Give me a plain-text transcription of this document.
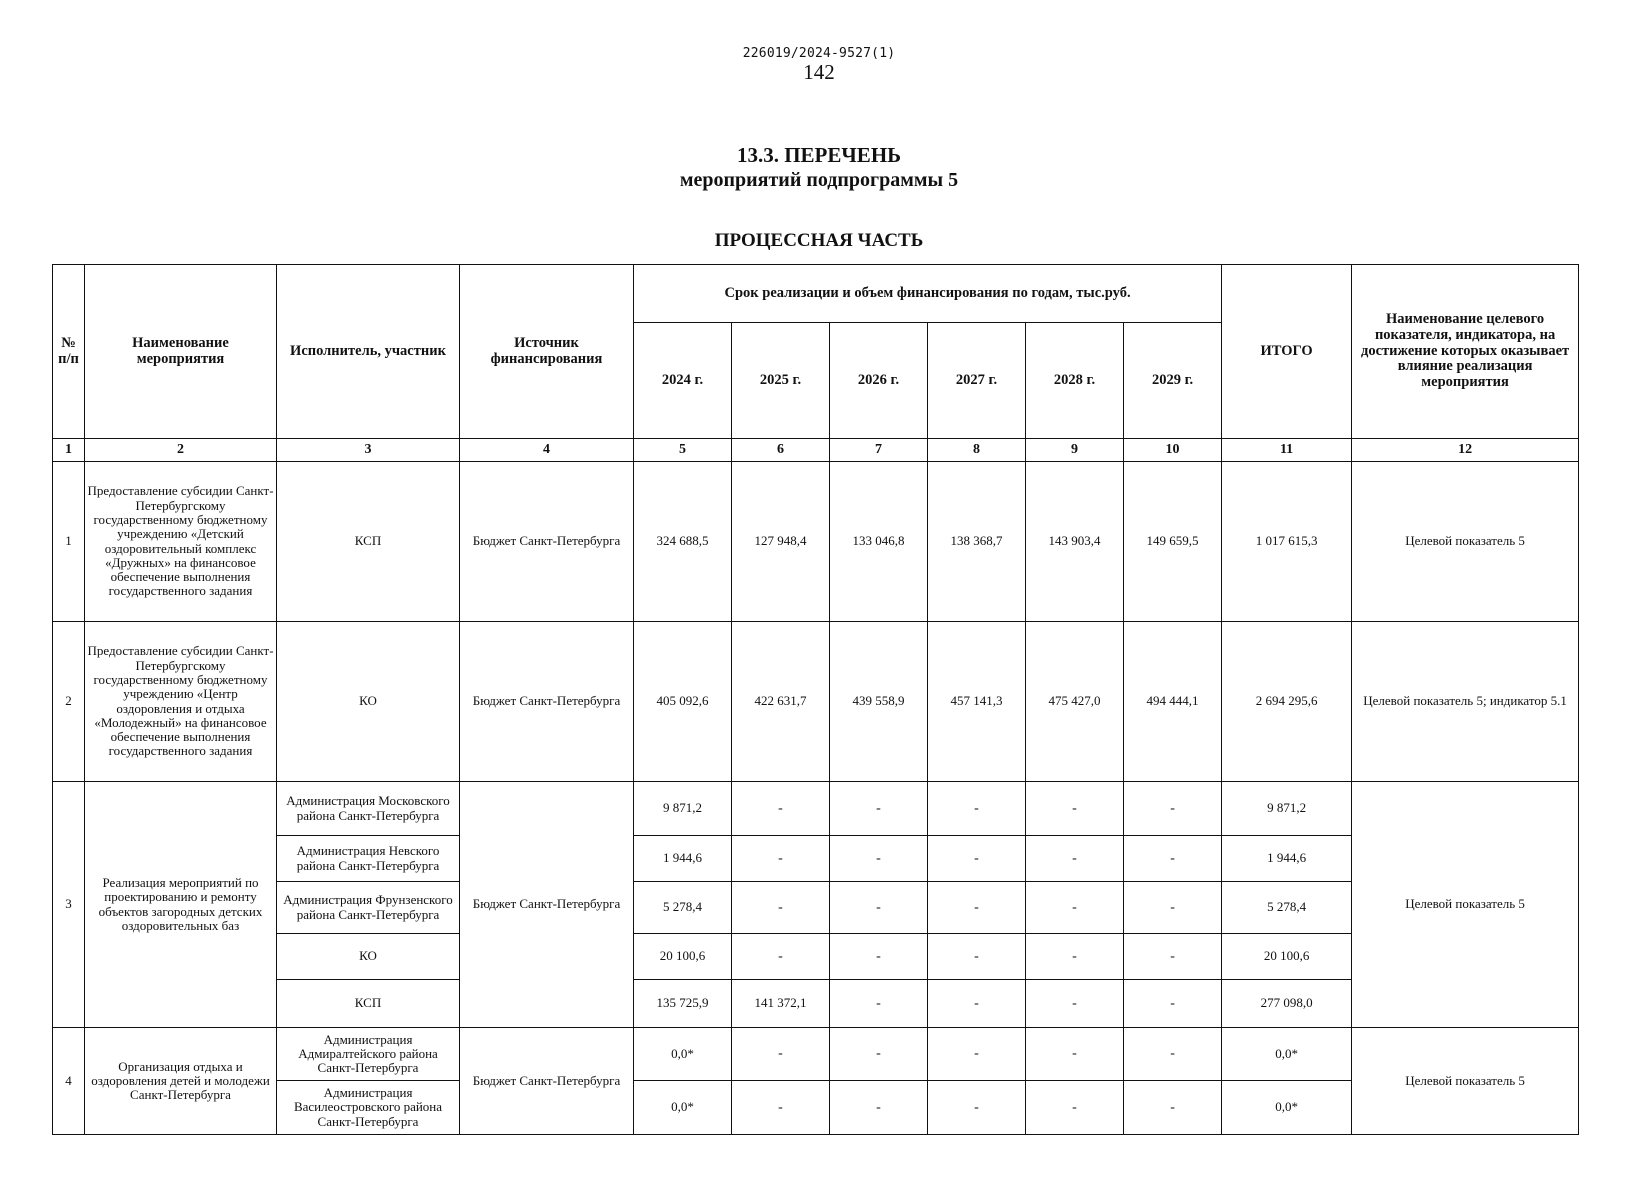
226019/2024-9527(1)
142
13.3. ПЕРЕЧЕНЬ
мероприятий подпрограммы 5
ПРОЦЕССНАЯ ЧАСТЬ
№ п/п	Наименование мероприятия	Исполнитель, участник	Источник финансирования	Срок реализации и объем финансирования по годам, тыс.руб.						ИТОГО	Наименование целевого показателя, индикатора, на достижение которых оказывает влияние реализация мероприятия
				2024 г.	2025 г.	2026 г.	2027 г.	2028 г.	2029 г.		
1	2	3	4	5	6	7	8	9	10	11	12
1	Предоставление субсидии Санкт-Петербургскому государственному бюджетному учреждению «Детский оздоровительный комплекс «Дружных» на финансовое обеспечение выполнения государственного задания	КСП	Бюджет Санкт-Петербурга	324 688,5	127 948,4	133 046,8	138 368,7	143 903,4	149 659,5	1 017 615,3	Целевой показатель 5
2	Предоставление субсидии Санкт-Петербургскому государственному бюджетному учреждению «Центр оздоровления и отдыха «Молодежный» на финансовое обеспечение выполнения государственного задания	КО	Бюджет Санкт-Петербурга	405 092,6	422 631,7	439 558,9	457 141,3	475 427,0	494 444,1	2 694 295,6	Целевой показатель 5; индикатор 5.1
3	Реализация мероприятий по проектированию и ремонту объектов загородных детских оздоровительных баз	Администрация Московского района Санкт-Петербурга	Бюджет Санкт-Петербурга	9 871,2	-	-	-	-	-	9 871,2	Целевой показатель 5
		Администрация Невского района Санкт-Петербурга		1 944,6	-	-	-	-	-	1 944,6	
		Администрация Фрунзенского района Санкт-Петербурга		5 278,4	-	-	-	-	-	5 278,4	
		КО		20 100,6	-	-	-	-	-	20 100,6	
		КСП		135 725,9	141 372,1	-	-	-	-	277 098,0	
4	Организация отдыха и оздоровления детей и молодежи Санкт-Петербурга	Администрация Адмиралтейского района Санкт-Петербурга	Бюджет Санкт-Петербурга	0,0*	-	-	-	-	-	0,0*	Целевой показатель 5
		Администрация Василеостровского района Санкт-Петербурга		0,0*	-	-	-	-	-	0,0*	
